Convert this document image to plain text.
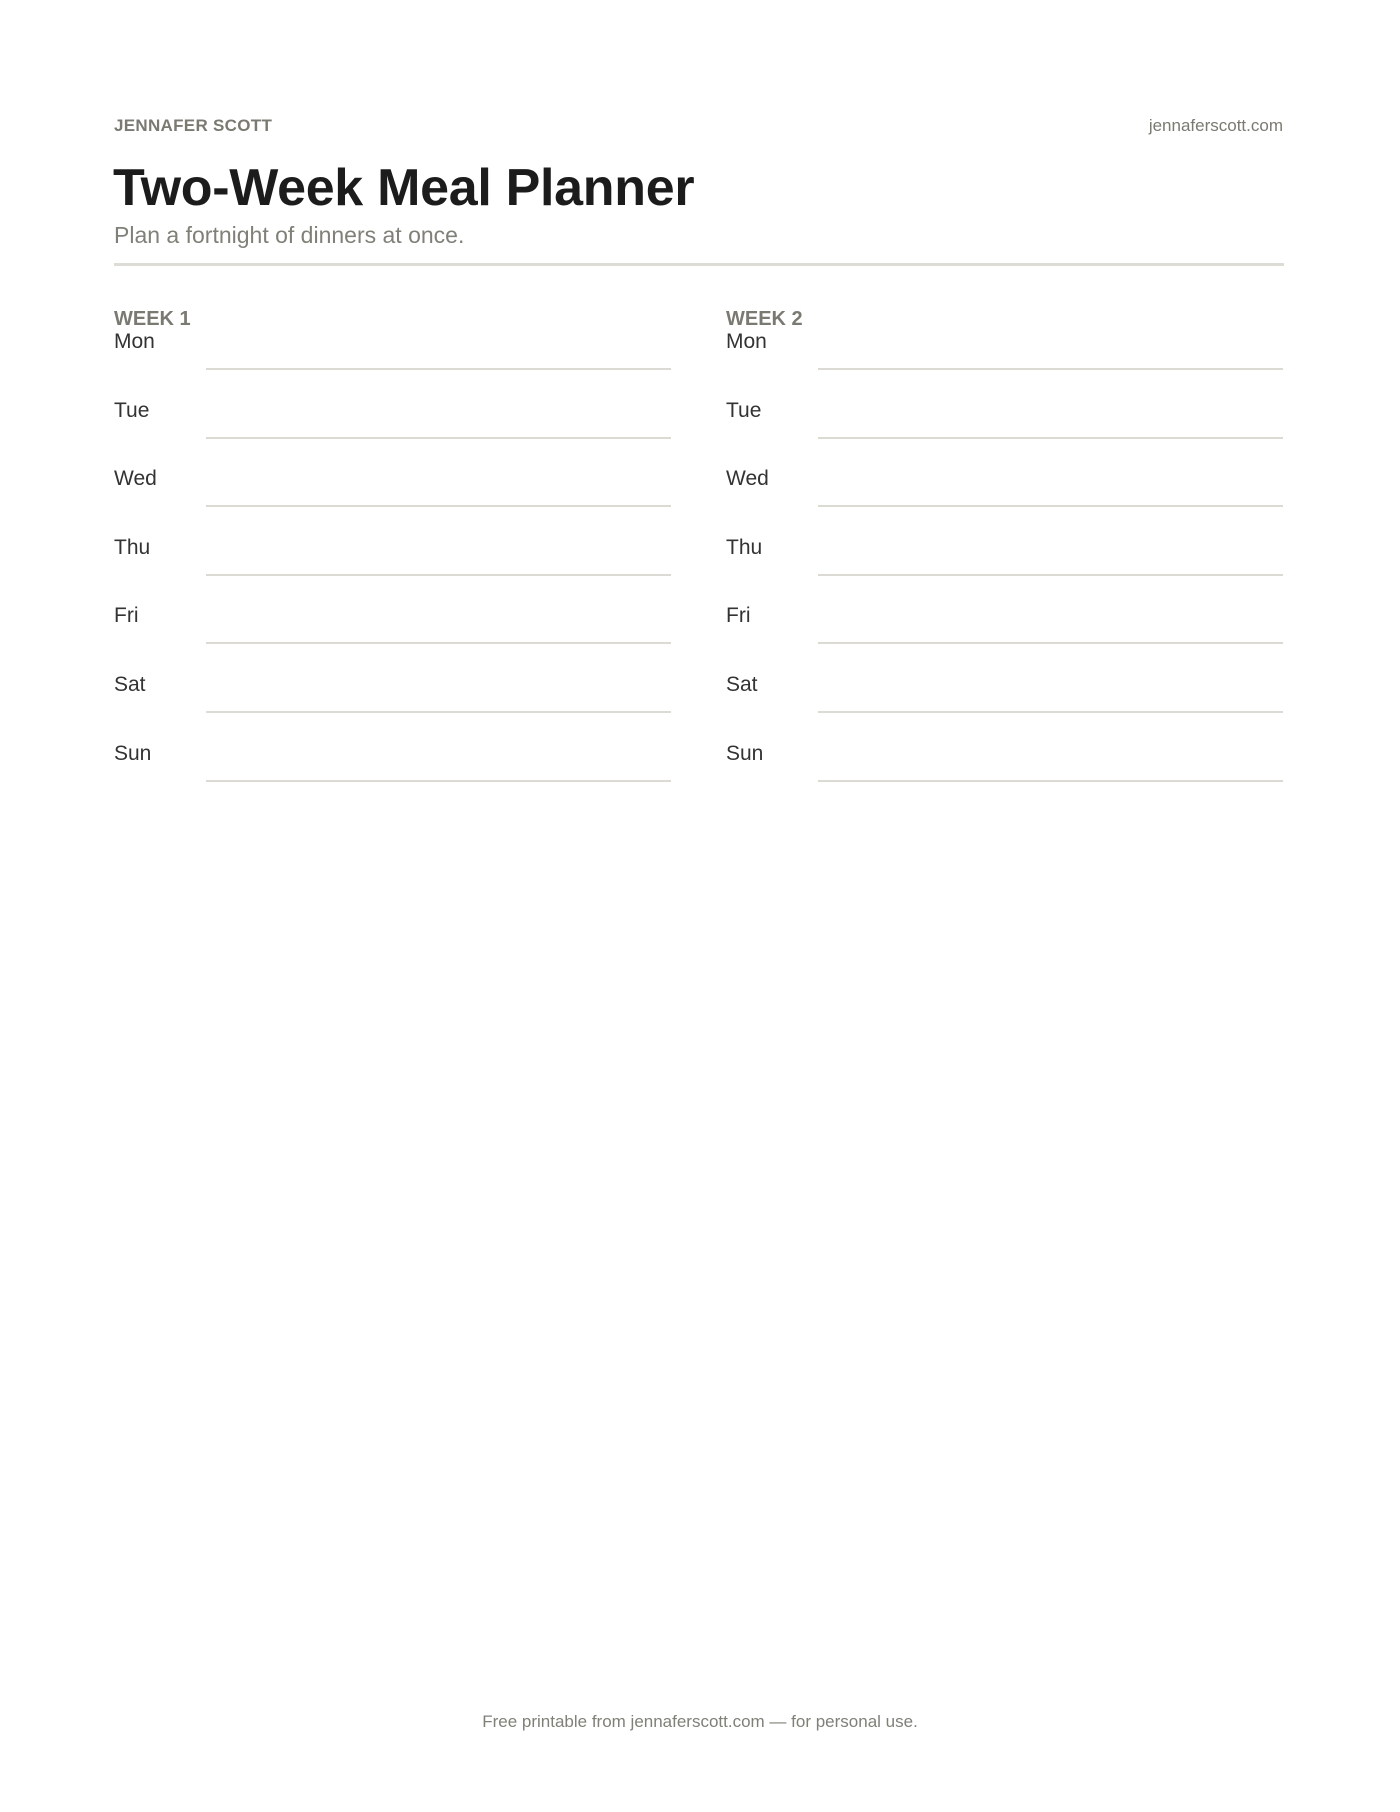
JENNAFER SCOTT	jennaferscott.com
Two-Week Meal Planner
Plan a fortnight of dinners at once.
WEEK 1
Mon
Tue
Wed
Thu
Fri
Sat
Sun
WEEK 2
Mon
Tue
Wed
Thu
Fri
Sat
Sun
Free printable from jennaferscott.com — for personal use.
